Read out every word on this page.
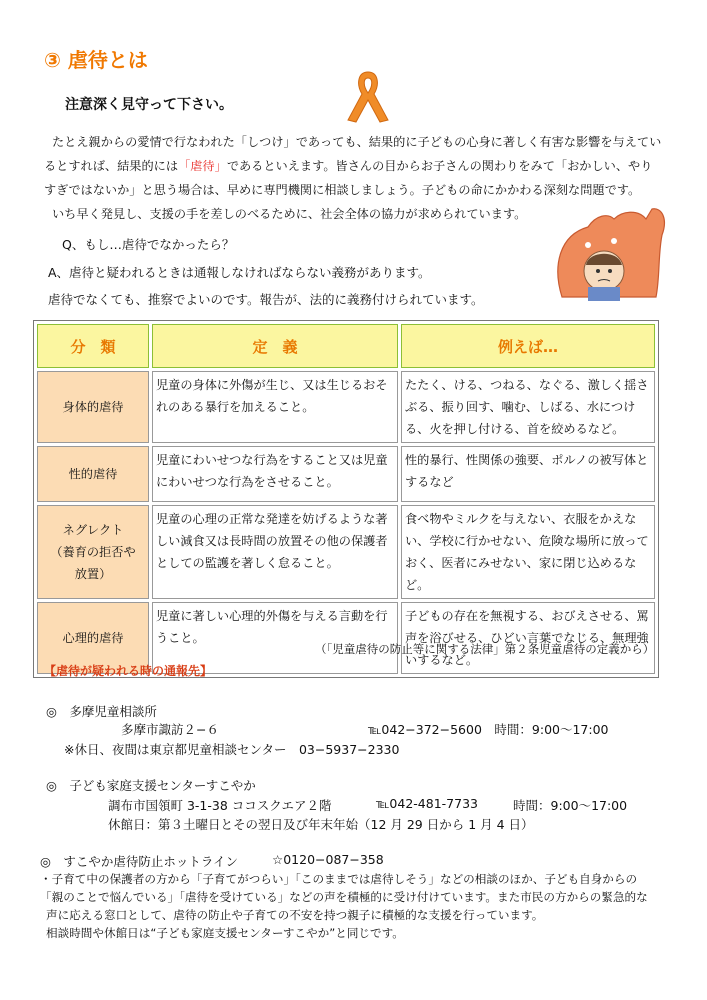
③ 虐待とは
注意深く見守って下さい。
たとえ親からの愛情で行なわれた「しつけ」であっても、結果的に子どもの心身に著しく有害な影響を与えてい
るとすれば、結果的には「虐待」であるといえます。皆さんの目からお子さんの関わりをみて「おかしい、やり
すぎではないか」と思う場合は、早めに専門機関に相談しましょう。子どもの命にかかわる深刻な問題です。
いち早く発見し、支援の手を差しのべるために、社会全体の協力が求められています。
Q、もし…虐待でなかったら？
A、虐待と疑われるときは通報しなければならない義務があります。
虐待でなくても、推察でよいのです。報告が、法的に義務付けられています。
分　類	定　義	例えば…
身体的虐待	児童の身体に外傷が生じ、又は生じるおそれのある暴行を加えること。	たたく、ける、つねる、なぐる、激しく揺さぶる、振り回す、噛む、しばる、水につける、火を押し付ける、首を絞めるなど。
性的虐待	児童にわいせつな行為をすること又は児童にわいせつな行為をさせること。	性的暴行、性関係の強要、ポルノの被写体とするなど

ネグレクト
（養育の拒否や
放置）	児童の心理の正常な発達を妨げるような著しい減食又は長時間の放置その他の保護者としての監護を著しく怠ること。	食べ物やミルクを与えない、衣服をかえない、学校に行かせない、危険な場所に放っておく、医者にみせない、家に閉じ込めるなど。
心理的虐待	児童に著しい心理的外傷を与える言動を行うこと。	子どもの存在を無視する、おびえさせる、罵声を浴びせる、ひどい言葉でなじる、無理強いするなど。
（「児童虐待の防止等に関する法律」第２条児童虐待の定義から）
【虐待が疑われる時の通報先】
◎　多摩児童相談所
多摩市諏訪２−６	℡042−372−5600　時間：9:00〜17:00
※休日、夜間は東京都児童相談センター　03−5937−2330
◎　子ども家庭支援センターすこやか
調布市国領町 3-1-38 ココスクエア２階	℡042-481-7733	時間：9:00〜17:00
休館日：第３土曜日とその翌日及び年末年始（12 月 29 日から 1 月 4 日）
◎　すこやか虐待防止ホットライン	☆0120−087−358
・子育て中の保護者の方から「子育てがつらい」「このままでは虐待しそう」などの相談のほか、子ども自身からの
「親のことで悩んでいる」「虐待を受けている」などの声を積極的に受け付けています。また市民の方からの緊急的な
声に応える窓口として、虐待の防止や子育ての不安を持つ親子に積極的な支援を行っています。
相談時間や休館日は“子ども家庭支援センターすこやか”と同じです。
